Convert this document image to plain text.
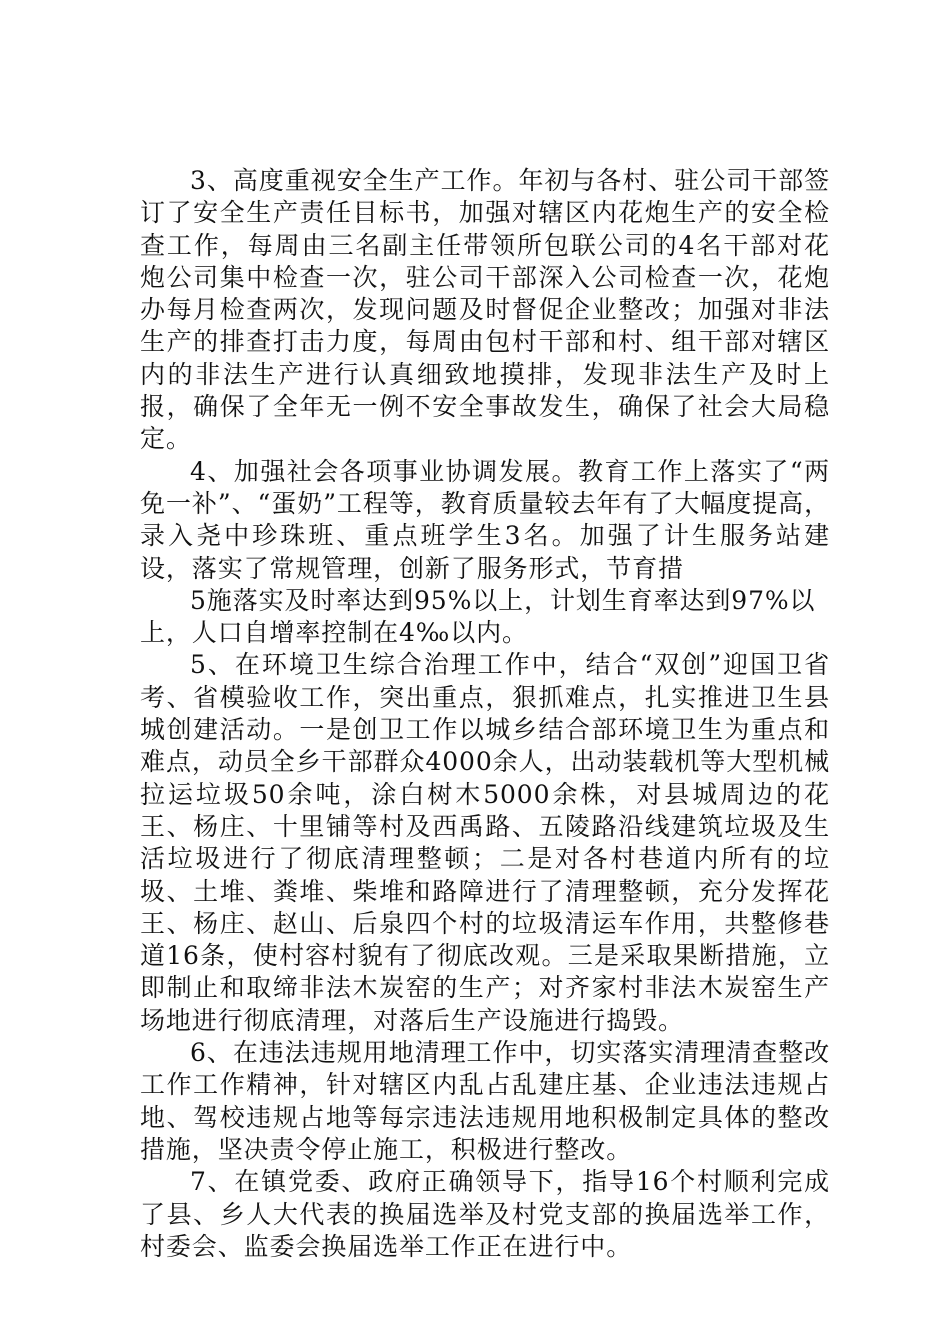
3、高度重视安全生产工作。年初与各村、驻公司干部签订了安全生产责任目标书，加强对辖区内花炮生产的安全检查工作，每周由三名副主任带领所包联公司的4名干部对花炮公司集中检查一次，驻公司干部深入公司检查一次，花炮办每月检查两次，发现问题及时督促企业整改；加强对非法生产的排查打击力度，每周由包村干部和村、组干部对辖区内的非法生产进行认真细致地摸排，发现非法生产及时上报，确保了全年无一例不安全事故发生，确保了社会大局稳定。

4、加强社会各项事业协调发展。教育工作上落实了“两免一补”、“蛋奶”工程等，教育质量较去年有了大幅度提高，录入尧中珍珠班、重点班学生3名。加强了计生服务站建设，落实了常规管理，创新了服务形式，节育措

5施落实及时率达到95%以上，计划生育率达到97%以上，人口自增率控制在4‰以内。

5、在环境卫生综合治理工作中，结合“双创”迎国卫省考、省模验收工作，突出重点，狠抓难点，扎实推进卫生县城创建活动。一是创卫工作以城乡结合部环境卫生为重点和难点，动员全乡干部群众4000余人，出动装载机等大型机械拉运垃圾50余吨，涂白树木5000余株，对县城周边的花王、杨庄、十里铺等村及西禹路、五陵路沿线建筑垃圾及生活垃圾进行了彻底清理整顿；二是对各村巷道内所有的垃圾、土堆、粪堆、柴堆和路障进行了清理整顿，充分发挥花王、杨庄、赵山、后泉四个村的垃圾清运车作用，共整修巷道16条，使村容村貌有了彻底改观。三是采取果断措施，立即制止和取缔非法木炭窑的生产；对齐家村非法木炭窑生产场地进行彻底清理，对落后生产设施进行捣毁。

6、在违法违规用地清理工作中，切实落实清理清查整改工作工作精神，针对辖区内乱占乱建庄基、企业违法违规占地、驾校违规占地等每宗违法违规用地积极制定具体的整改措施，坚决责令停止施工，积极进行整改。

7、在镇党委、政府正确领导下，指导16个村顺利完成了县、乡人大代表的换届选举及村党支部的换届选举工作，村委会、监委会换届选举工作正在进行中。
